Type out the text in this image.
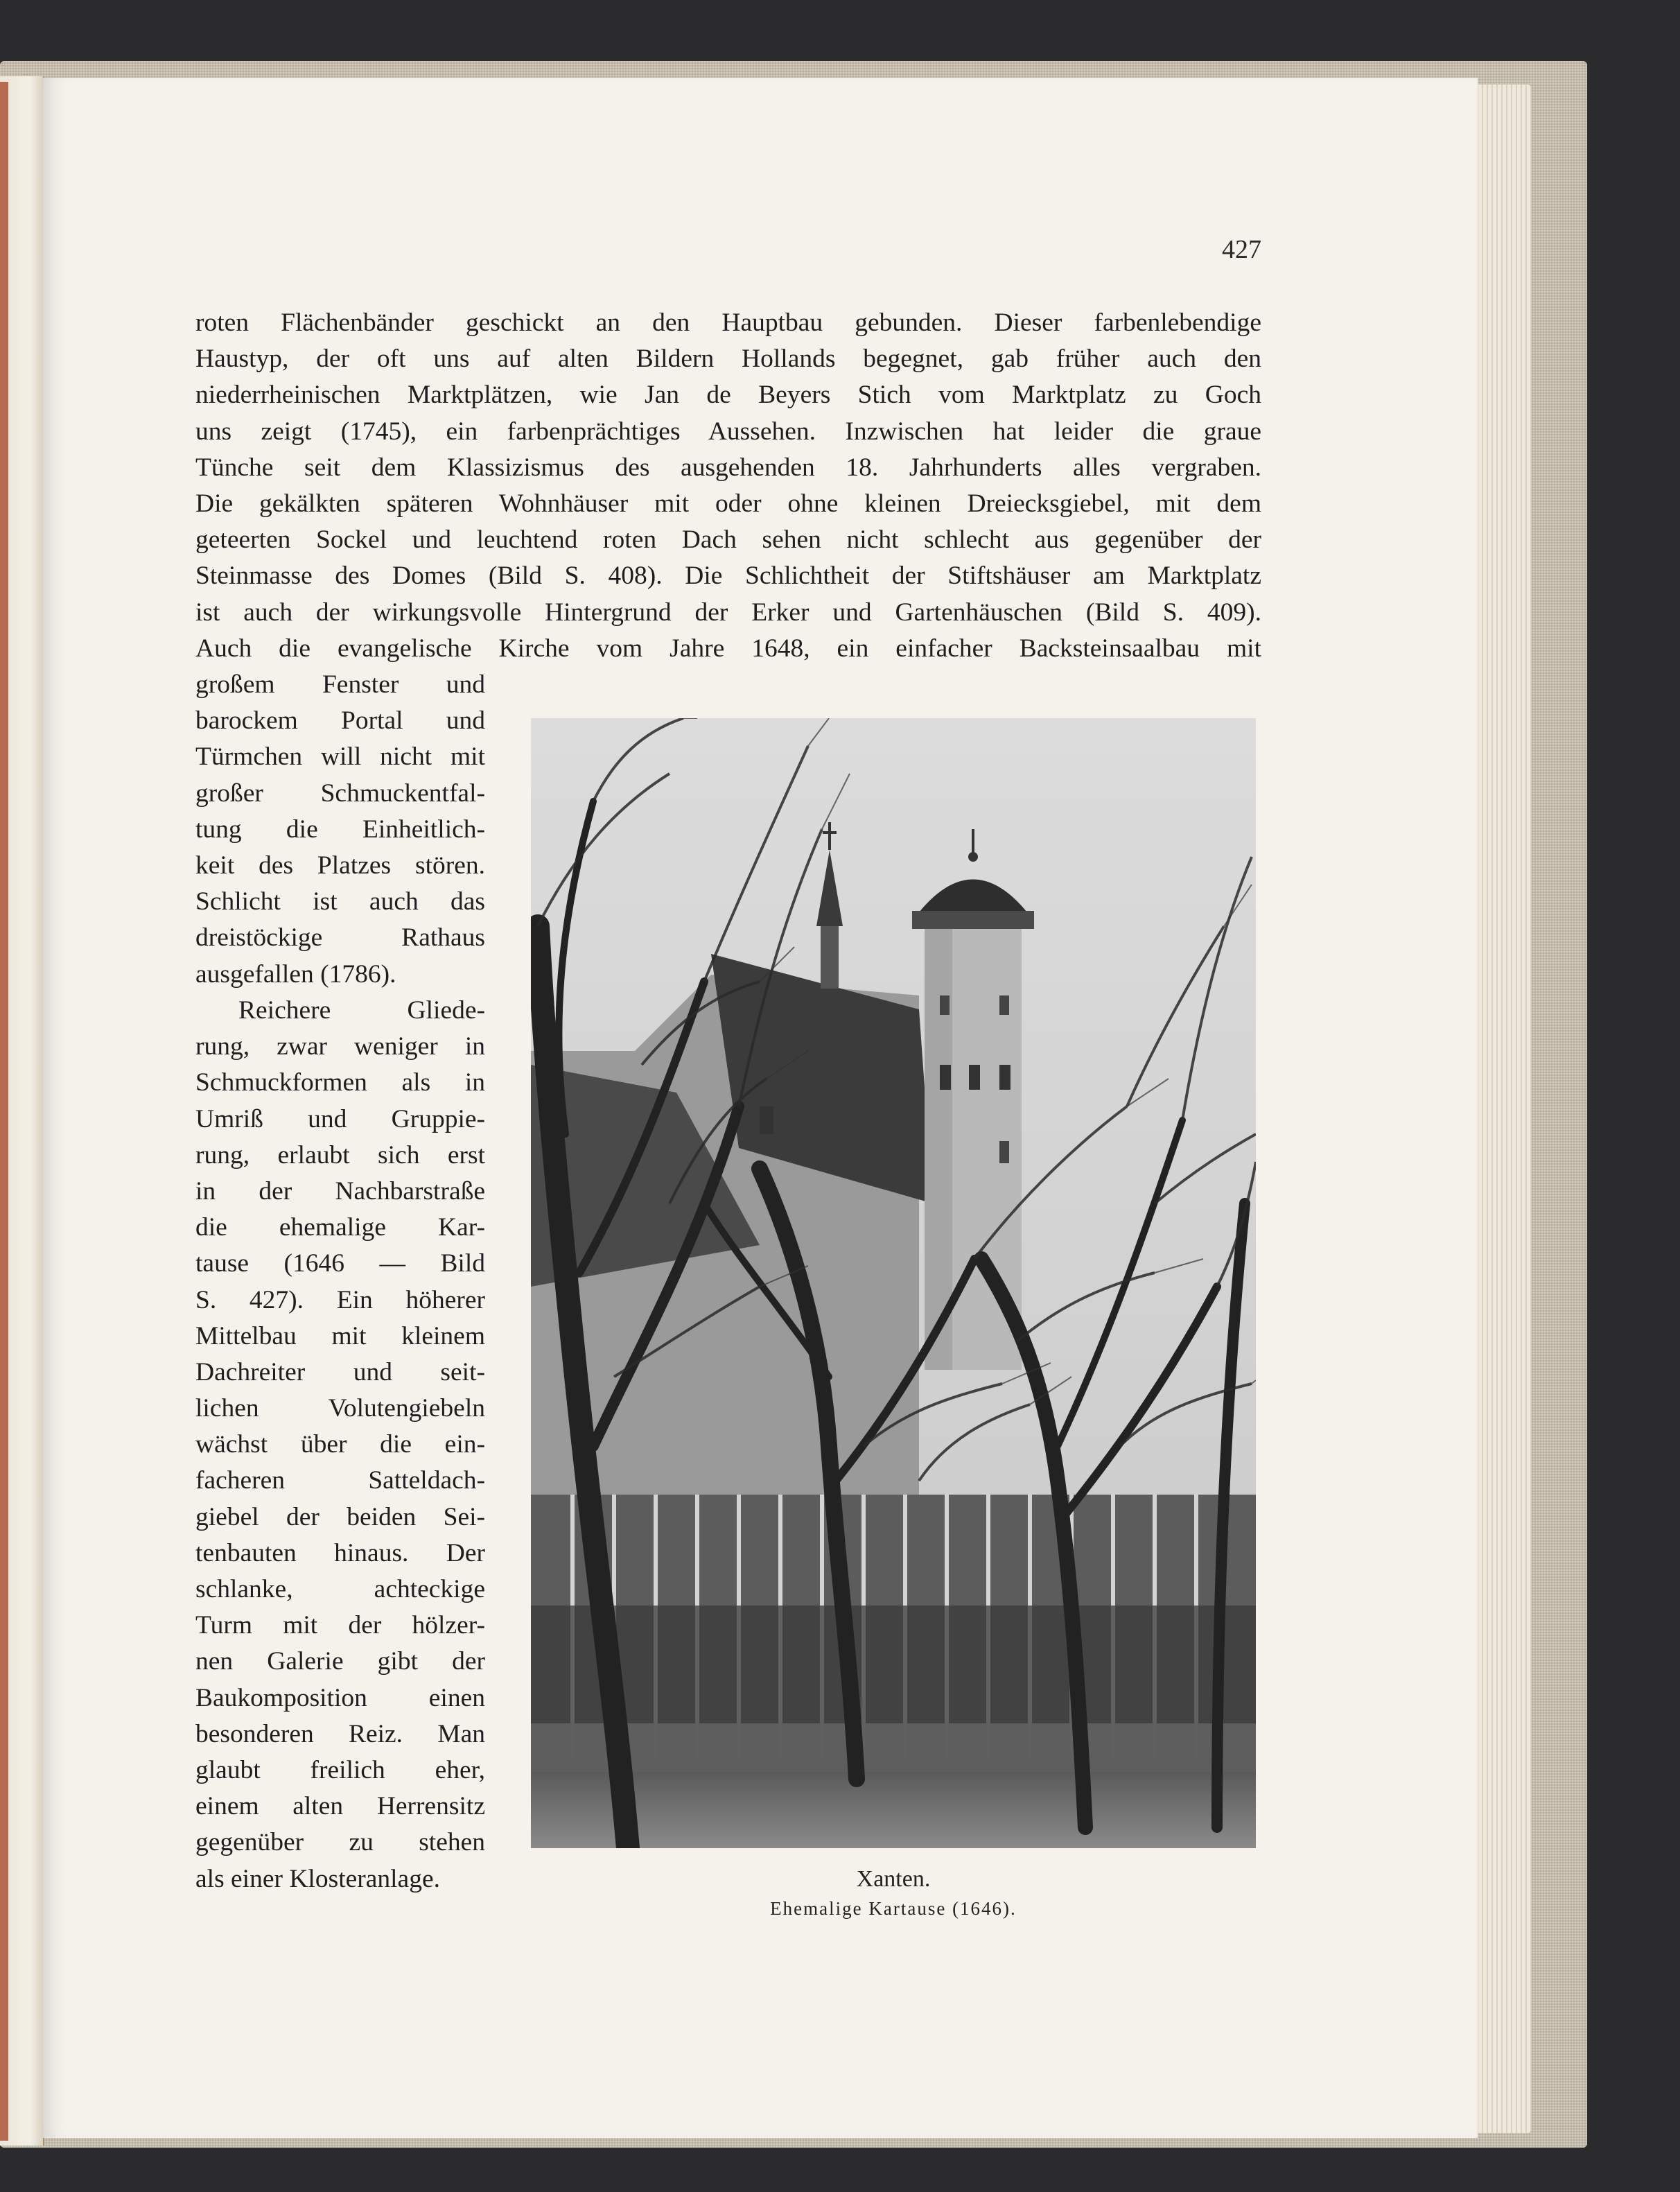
427
roten Flächenbänder geschickt an den Hauptbau gebunden. Dieser farbenlebendige
Haustyp, der oft uns auf alten Bildern Hollands begegnet, gab früher auch den
niederrheinischen Marktplätzen, wie Jan de Beyers Stich vom Marktplatz zu Goch
uns zeigt (1745), ein farbenprächtiges Aussehen. Inzwischen hat leider die graue
Tünche seit dem Klassizismus des ausgehenden 18. Jahrhunderts alles vergraben.
Die gekälkten späteren Wohnhäuser mit oder ohne kleinen Dreiecksgiebel, mit dem
geteerten Sockel und leuchtend roten Dach sehen nicht schlecht aus gegenüber der
Steinmasse des Domes (Bild S. 408). Die Schlichtheit der Stiftshäuser am Marktplatz
ist auch der wirkungsvolle Hintergrund der Erker und Gartenhäuschen (Bild S. 409).
Auch die evangelische Kirche vom Jahre 1648, ein einfacher Backsteinsaalbau mit
großem Fenster und
barockem Portal und
Türmchen will nicht mit
großer Schmuckentfal-
tung die Einheitlich-
keit des Platzes stören.
Schlicht ist auch das
dreistöckige Rathaus
ausgefallen (1786).
Reichere Gliede-
rung, zwar weniger in
Schmuckformen als in
Umriß und Gruppie-
rung, erlaubt sich erst
in der Nachbarstraße
die ehemalige Kar-
tause (1646 — Bild
S. 427). Ein höherer
Mittelbau mit kleinem
Dachreiter und seit-
lichen Volutengiebeln
wächst über die ein-
facheren Satteldach-
giebel der beiden Sei-
tenbauten hinaus. Der
schlanke, achteckige
Turm mit der hölzer-
nen Galerie gibt der
Baukomposition einen
besonderen Reiz. Man
glaubt freilich eher,
einem alten Herrensitz
gegenüber zu stehen
als einer Klosteranlage.	Xanten.
Ehemalige Kartause (1646).
